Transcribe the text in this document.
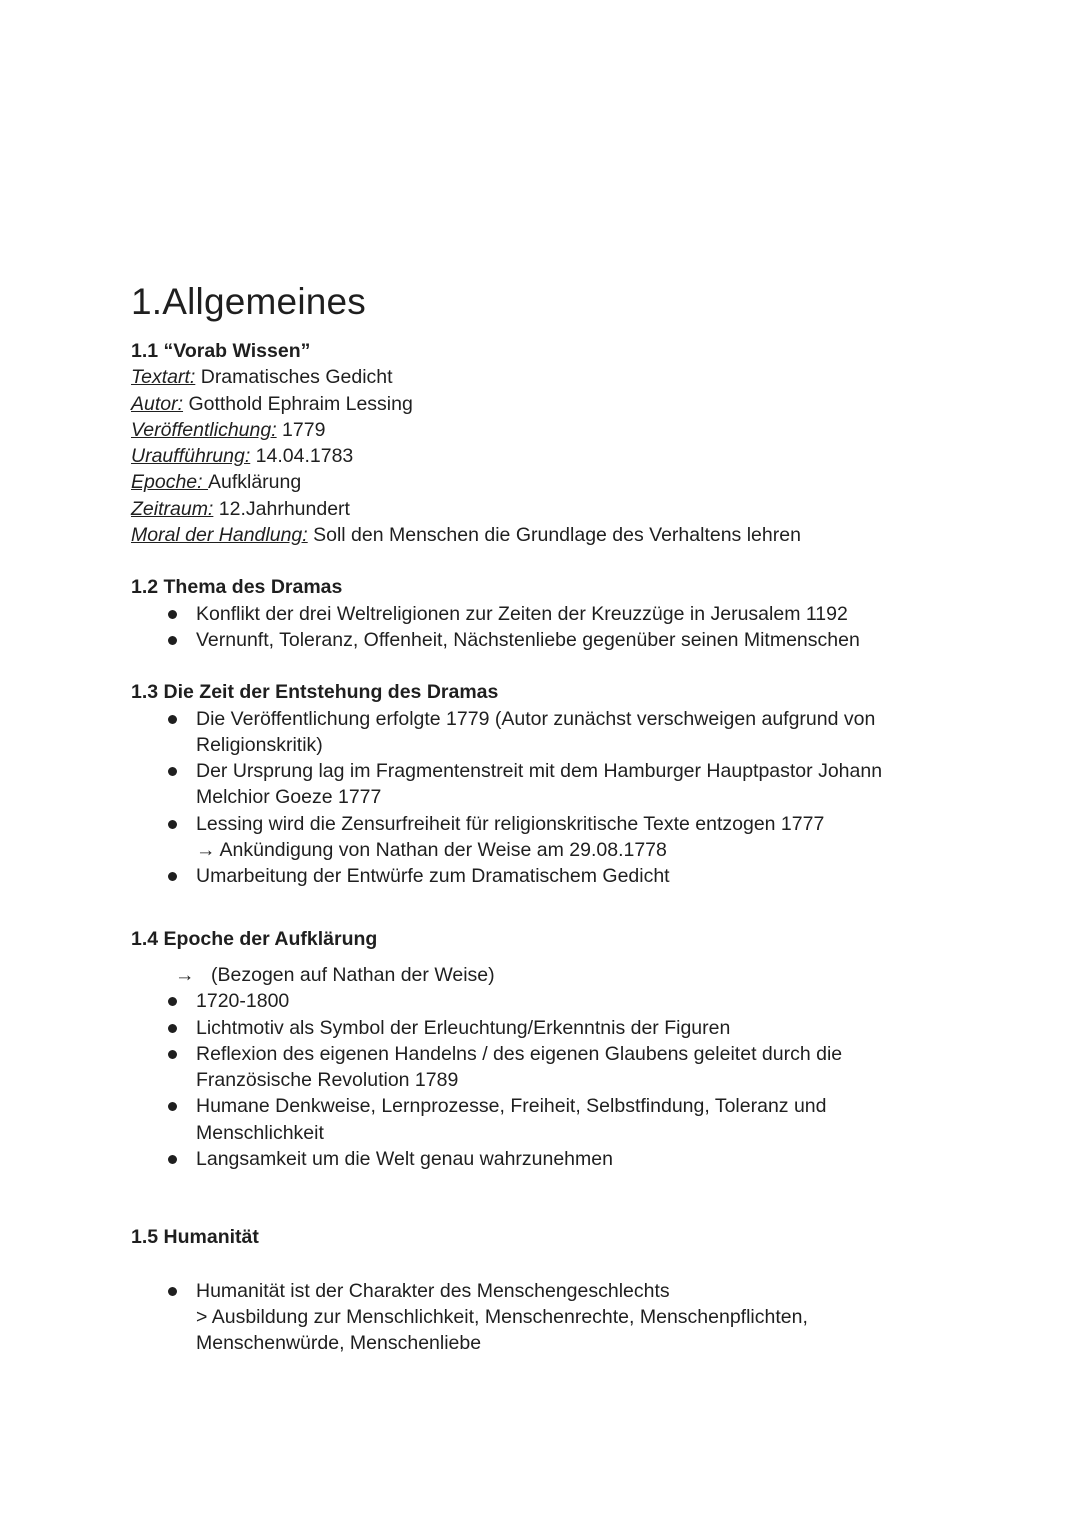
1.Allgemeines
1.1 “Vorab Wissen”
Textart: Dramatisches Gedicht
Autor: Gotthold Ephraim Lessing
Veröffentlichung: 1779
Uraufführung: 14.04.1783
Epoche: Aufklärung
Zeitraum: 12.Jahrhundert
Moral der Handlung: Soll den Menschen die Grundlage des Verhaltens lehren
1.2 Thema des Dramas
Konflikt der drei Weltreligionen zur Zeiten der Kreuzzüge in Jerusalem 1192
Vernunft, Toleranz, Offenheit, Nächstenliebe gegenüber seinen Mitmenschen
1.3 Die Zeit der Entstehung des Dramas
Die Veröffentlichung erfolgte 1779 (Autor zunächst verschweigen aufgrund von Religionskritik)
Der Ursprung lag im Fragmentenstreit mit dem Hamburger Hauptpastor Johann Melchior Goeze 1777
Lessing wird die Zensurfreiheit für religionskritische Texte entzogen 1777
→ Ankündigung von Nathan der Weise am 29.08.1778
Umarbeitung der Entwürfe zum Dramatischem Gedicht
1.4 Epoche der Aufklärung
→ (Bezogen auf Nathan der Weise)
1720-1800
Lichtmotiv als Symbol der Erleuchtung/Erkenntnis der Figuren
Reflexion des eigenen Handelns / des eigenen Glaubens geleitet durch die Französische Revolution 1789
Humane Denkweise, Lernprozesse, Freiheit, Selbstfindung, Toleranz und Menschlichkeit
Langsamkeit um die Welt genau wahrzunehmen
1.5 Humanität
Humanität ist der Charakter des Menschengeschlechts
> Ausbildung zur Menschlichkeit, Menschenrechte, Menschenpflichten, Menschenwürde, Menschenliebe
